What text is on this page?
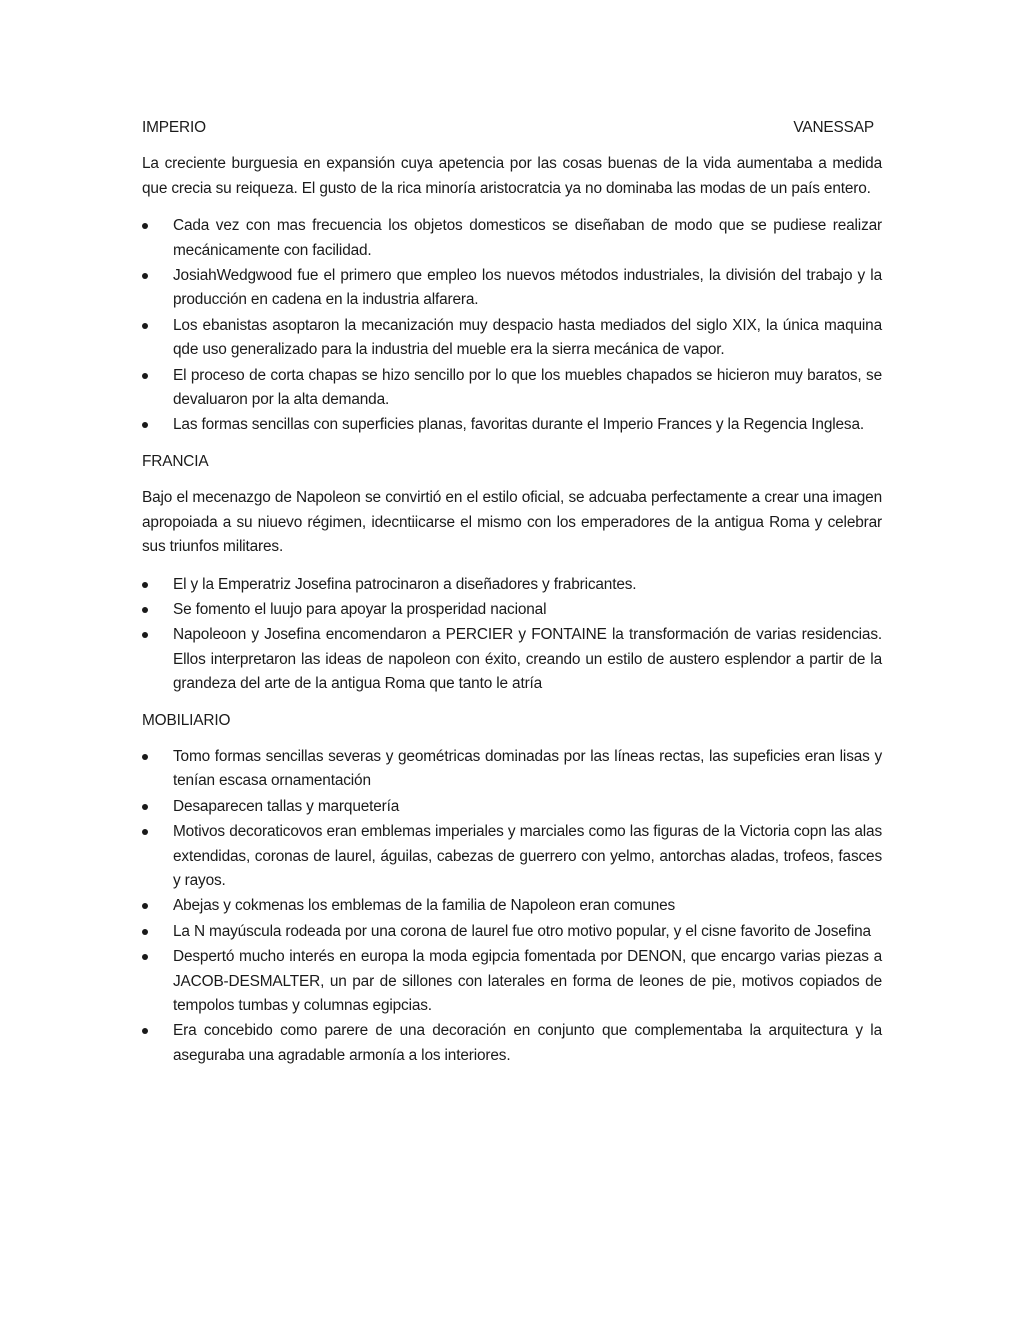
IMPERIO	VANESSAP

La creciente burguesia en expansión cuya apetencia por las cosas buenas de la vida aumentaba a medida que crecia su reiqueza. El gusto de la rica minoría aristocratcia ya no dominaba las modas de un país entero.

Cada vez con mas frecuencia los objetos domesticos se diseñaban de modo que se pudiese realizar mecánicamente con facilidad.
JosiahWedgwood fue el primero que empleo los nuevos métodos industriales, la división del trabajo y la producción en cadena en la industria alfarera.
Los ebanistas asoptaron la mecanización muy despacio hasta mediados del siglo XIX, la única maquina qde uso generalizado para la industria del mueble era la sierra mecánica de vapor.
El proceso de corta chapas se hizo sencillo por lo que los muebles chapados se hicieron muy baratos, se devaluaron por la alta demanda.
Las formas sencillas con superficies planas, favoritas durante el Imperio Frances y la Regencia Inglesa.
FRANCIA

Bajo el mecenazgo de Napoleon se convirtió en el estilo oficial, se adcuaba perfectamente a crear una imagen apropoiada a su niuevo régimen, idecntiicarse el mismo con los emperadores de la antigua Roma y celebrar sus triunfos militares.

El y la Emperatriz Josefina patrocinaron a diseñadores y frabricantes.
Se fomento el luujo para apoyar la prosperidad nacional
Napoleoon y Josefina encomendaron a PERCIER y FONTAINE la transformación de varias residencias. Ellos interpretaron las ideas de napoleon con éxito, creando un estilo de austero esplendor a partir de la grandeza del arte de la antigua Roma que tanto le atría
MOBILIARIO
Tomo formas sencillas severas y geométricas dominadas por las líneas rectas, las supeficies eran lisas y tenían escasa ornamentación
Desaparecen tallas y marquetería
Motivos decoraticovos eran emblemas imperiales y marciales como las figuras de la Victoria copn las alas extendidas, coronas de laurel, águilas, cabezas de guerrero con yelmo, antorchas aladas, trofeos, fasces y rayos.
Abejas y cokmenas los emblemas de la familia de Napoleon eran comunes
La N mayúscula rodeada por una corona de laurel fue otro motivo popular, y el cisne favorito de Josefina
Despertó mucho interés en europa la moda egipcia fomentada por DENON, que encargo varias piezas a JACOB-DESMALTER, un par de sillones con laterales en forma de leones de pie, motivos copiados de tempolos tumbas y columnas egipcias.
Era concebido como parere de una decoración en conjunto que complementaba la arquitectura y la aseguraba una agradable armonía a los interiores.
